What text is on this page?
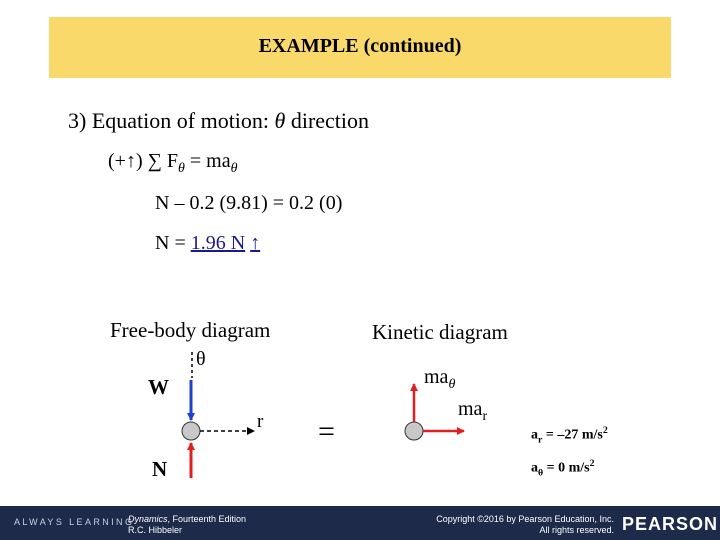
EXAMPLE (continued)
3) Equation of motion: θ direction
(+↑) ∑ $F_\theta = ma_\theta$
N – 0.2 (9.81) = 0.2 (0)
N = 1.96 N ↑
Free-body diagram	Kinetic diagram
θ
W
r
N
=
$ma_\theta$
$ma_r$
$a_r = -27$ $m/s^2$
$a_\theta = 0$ $m/s^2$
ALWAYS LEARNING
Dynamics, Fourteenth Edition
R.C. Hibbeler
Copyright ©2016 by Pearson Education, Inc.
All rights reserved. PEARSON
